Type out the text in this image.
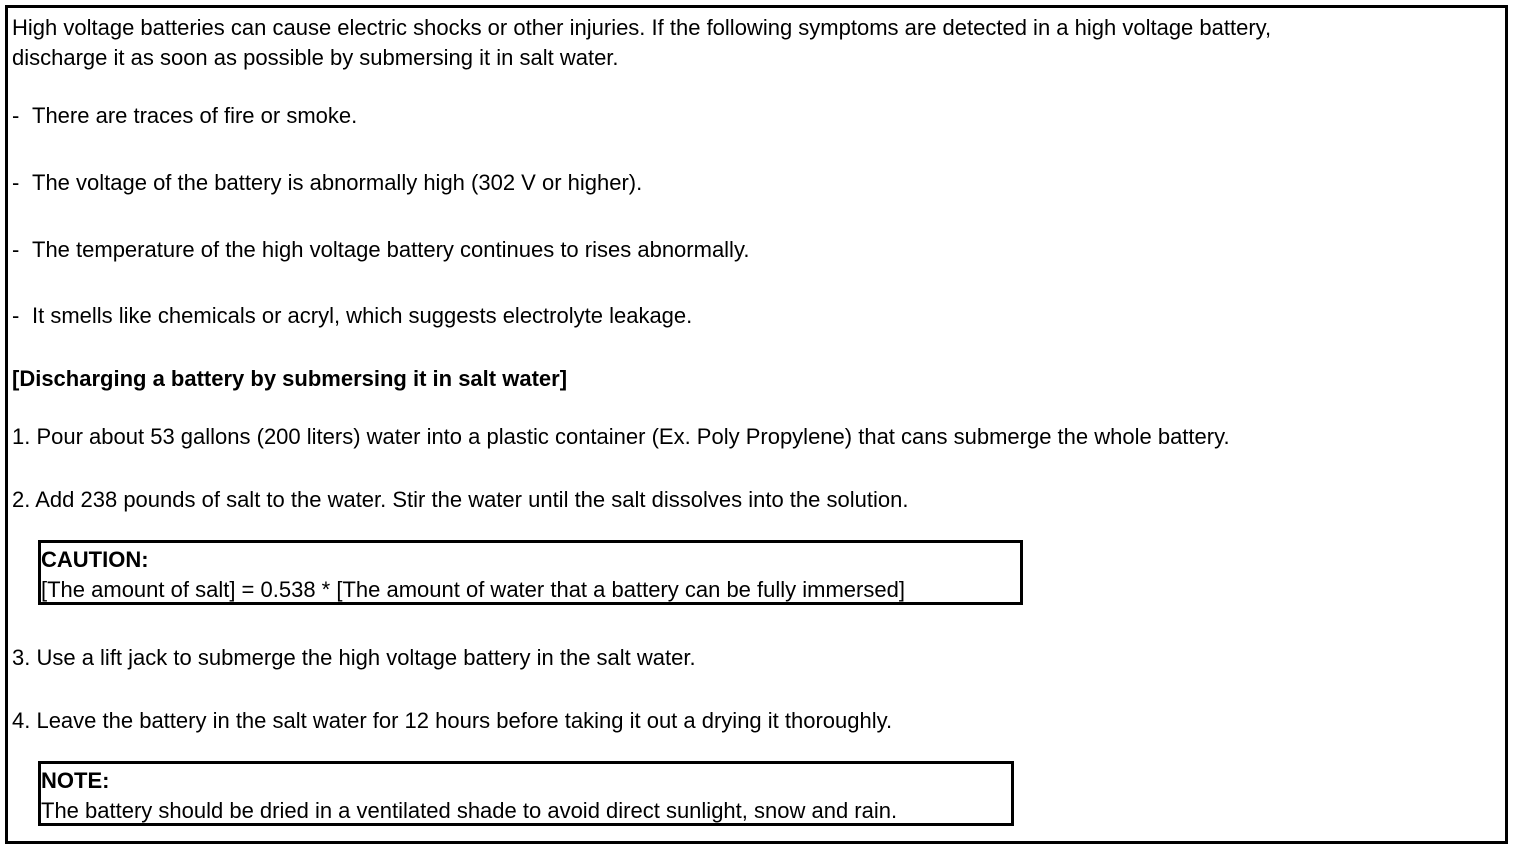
High voltage batteries can cause electric shocks or other injuries. If the following symptoms are detected in a high voltage battery,

discharge it as soon as possible by submersing it in salt water.

- There are traces of fire or smoke.

- The voltage of the battery is abnormally high (302 V or higher).

- The temperature of the high voltage battery continues to rises abnormally.

- It smells like chemicals or acryl, which suggests electrolyte leakage.

[Discharging a battery by submersing it in salt water]

1. Pour about 53 gallons (200 liters) water into a plastic container (Ex. Poly Propylene) that cans submerge the whole battery.

2. Add 238 pounds of salt to the water. Stir the water until the salt dissolves into the solution.

CAUTION:

[The amount of salt] = 0.538 * [The amount of water that a battery can be fully immersed]

3. Use a lift jack to submerge the high voltage battery in the salt water.

4. Leave the battery in the salt water for 12 hours before taking it out a drying it thoroughly.

NOTE:

The battery should be dried in a ventilated shade to avoid direct sunlight, snow and rain.
